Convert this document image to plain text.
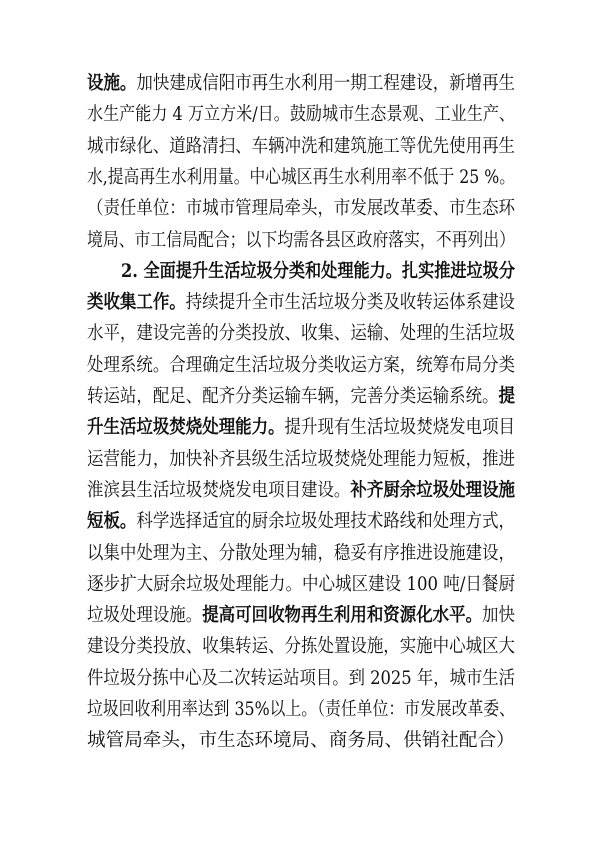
设施。加快建成信阳市再生水利用一期工程建设，新增再生
水生产能力 4 万立方米/日。鼓励城市生态景观、工业生产、
城市绿化、道路清扫、车辆冲洗和建筑施工等优先使用再生
水,提高再生水利用量。中心城区再生水利用率不低于 25 %。
（责任单位：市城市管理局牵头，市发展改革委、市生态环
境局、市工信局配合；以下均需各县区政府落实，不再列出）
2. 全面提升生活垃圾分类和处理能力。扎实推进垃圾分
类收集工作。持续提升全市生活垃圾分类及收转运体系建设
水平，建设完善的分类投放、收集、运输、处理的生活垃圾
处理系统。合理确定生活垃圾分类收运方案，统筹布局分类
转运站，配足、配齐分类运输车辆，完善分类运输系统。提
升生活垃圾焚烧处理能力。提升现有生活垃圾焚烧发电项目
运营能力，加快补齐县级生活垃圾焚烧处理能力短板，推进
淮滨县生活垃圾焚烧发电项目建设。补齐厨余垃圾处理设施
短板。科学选择适宜的厨余垃圾处理技术路线和处理方式，
以集中处理为主、分散处理为辅，稳妥有序推进设施建设，
逐步扩大厨余垃圾处理能力。中心城区建设 100 吨/日餐厨
垃圾处理设施。提高可回收物再生利用和资源化水平。加快
建设分类投放、收集转运、分拣处置设施，实施中心城区大
件垃圾分拣中心及二次转运站项目。到 2025 年，城市生活
垃圾回收利用率达到 35%以上。（责任单位：市发展改革委、
城管局牵头，市生态环境局、商务局、供销社配合）
